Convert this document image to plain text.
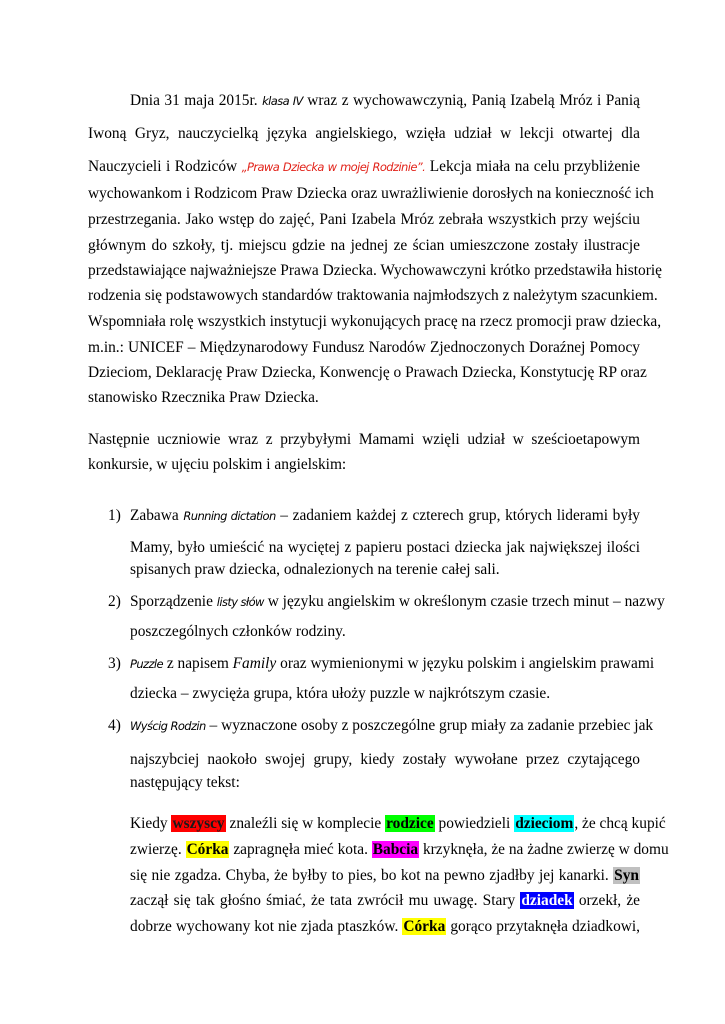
Dnia 31 maja 2015r. klasa IV wraz z wychowawczynią, Panią Izabelą Mróz i Panią
Iwoną Gryz, nauczycielką języka angielskiego, wzięła udział w lekcji otwartej dla
Nauczycieli i Rodziców „Prawa Dziecka w mojej Rodzinie”. Lekcja miała na celu przybliżenie
wychowankom i Rodzicom Praw Dziecka oraz uwrażliwienie dorosłych na konieczność ich
przestrzegania. Jako wstęp do zajęć, Pani Izabela Mróz zebrała wszystkich przy wejściu
głównym do szkoły, tj. miejscu gdzie na jednej ze ścian umieszczone zostały ilustracje
przedstawiające najważniejsze Prawa Dziecka. Wychowawczyni krótko przedstawiła historię
rodzenia się podstawowych standardów traktowania najmłodszych z należytym szacunkiem.
Wspomniała rolę wszystkich instytucji wykonujących pracę na rzecz promocji praw dziecka,
m.in.: UNICEF – Międzynarodowy Fundusz Narodów Zjednoczonych Doraźnej Pomocy
Dzieciom, Deklarację Praw Dziecka, Konwencję o Prawach Dziecka, Konstytucję RP oraz
stanowisko Rzecznika Praw Dziecka.
Następnie uczniowie wraz z przybyłymi Mamami wzięli udział w sześcioetapowym
konkursie, w ujęciu polskim i angielskim:
1) Zabawa Running dictation – zadaniem każdej z czterech grup, których liderami były
Mamy, było umieścić na wyciętej z papieru postaci dziecka jak największej ilości
spisanych praw dziecka, odnalezionych na terenie całej sali.
2) Sporządzenie listy słów w języku angielskim w określonym czasie trzech minut – nazwy
poszczególnych członków rodziny.
3) Puzzle z napisem Family oraz wymienionymi w języku polskim i angielskim prawami
dziecka – zwycięża grupa, która ułoży puzzle w najkrótszym czasie.
4) Wyścig Rodzin – wyznaczone osoby z poszczególne grup miały za zadanie przebiec jak
najszybciej naokoło swojej grupy, kiedy zostały wywołane przez czytającego
następujący tekst:
Kiedy wszyscy znaleźli się w komplecie rodzice powiedzieli dzieciom, że chcą kupić
zwierzę. Córka zapragnęła mieć kota. Babcia krzyknęła, że na żadne zwierzę w domu
się nie zgadza. Chyba, że byłby to pies, bo kot na pewno zjadłby jej kanarki. Syn
zaczął się tak głośno śmiać, że tata zwrócił mu uwagę. Stary dziadek orzekł, że
dobrze wychowany kot nie zjada ptaszków. Córka gorąco przytaknęła dziadkowi,
